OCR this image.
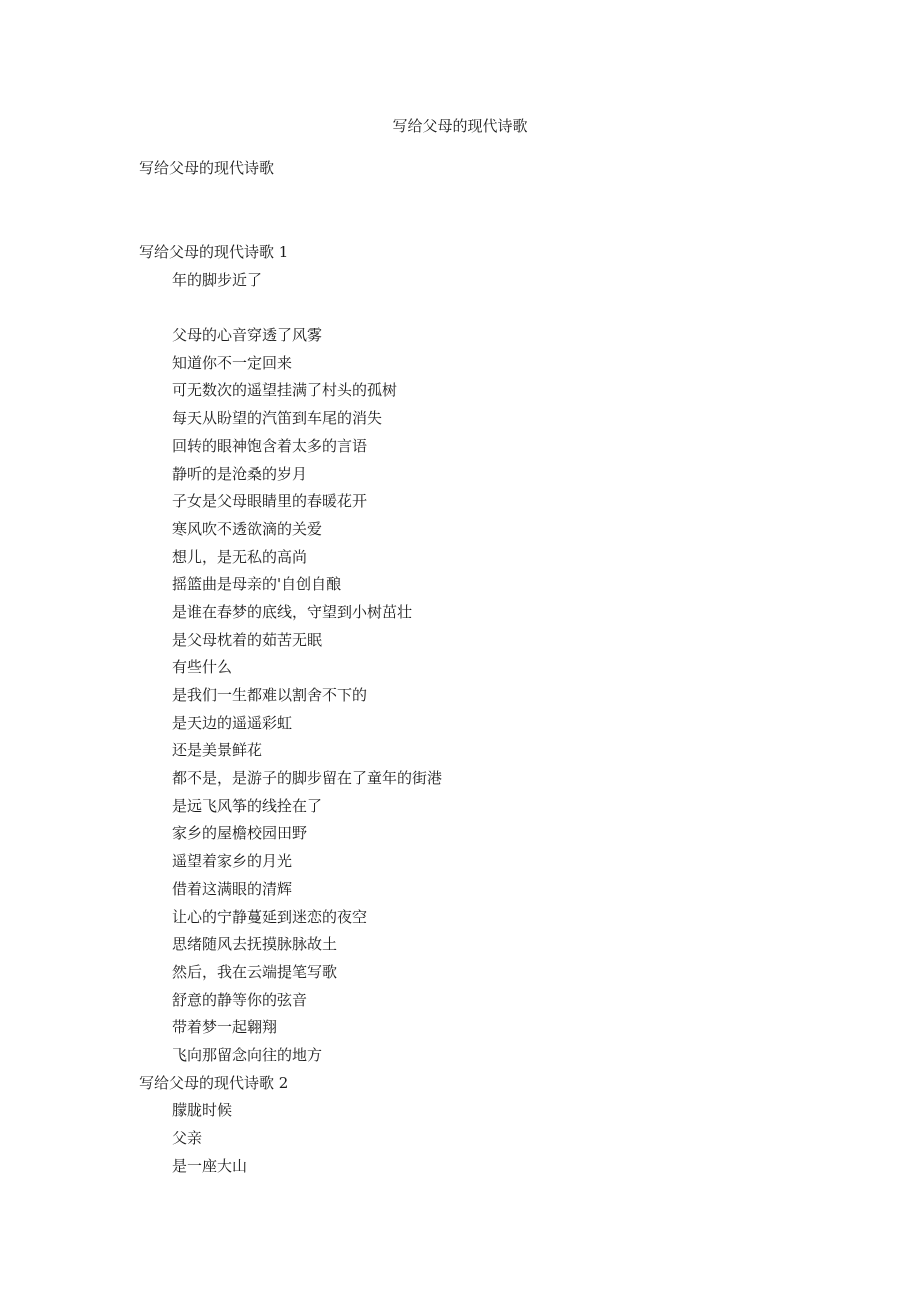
写给父母的现代诗歌
写给父母的现代诗歌
写给父母的现代诗歌 1

年的脚步近了

父母的心音穿透了风雾

知道你不一定回来

可无数次的遥望挂满了村头的孤树

每天从盼望的汽笛到车尾的消失

回转的眼神饱含着太多的言语

静听的是沧桑的岁月

子女是父母眼睛里的春暖花开

寒风吹不透欲滴的关爱

想儿，是无私的高尚

摇篮曲是母亲的'自创自酿

是谁在春梦的底线，守望到小树茁壮

是父母枕着的茹苦无眠

有些什么

是我们一生都难以割舍不下的

是天边的遥遥彩虹

还是美景鲜花

都不是，是游子的脚步留在了童年的街港

是远飞风筝的线拴在了

家乡的屋檐校园田野

遥望着家乡的月光

借着这满眼的清辉

让心的宁静蔓延到迷恋的夜空

思绪随风去抚摸脉脉故土

然后，我在云端提笔写歌

舒意的静等你的弦音

带着梦一起翱翔

飞向那留念向往的地方

写给父母的现代诗歌 2

朦胧时候

父亲

是一座大山
